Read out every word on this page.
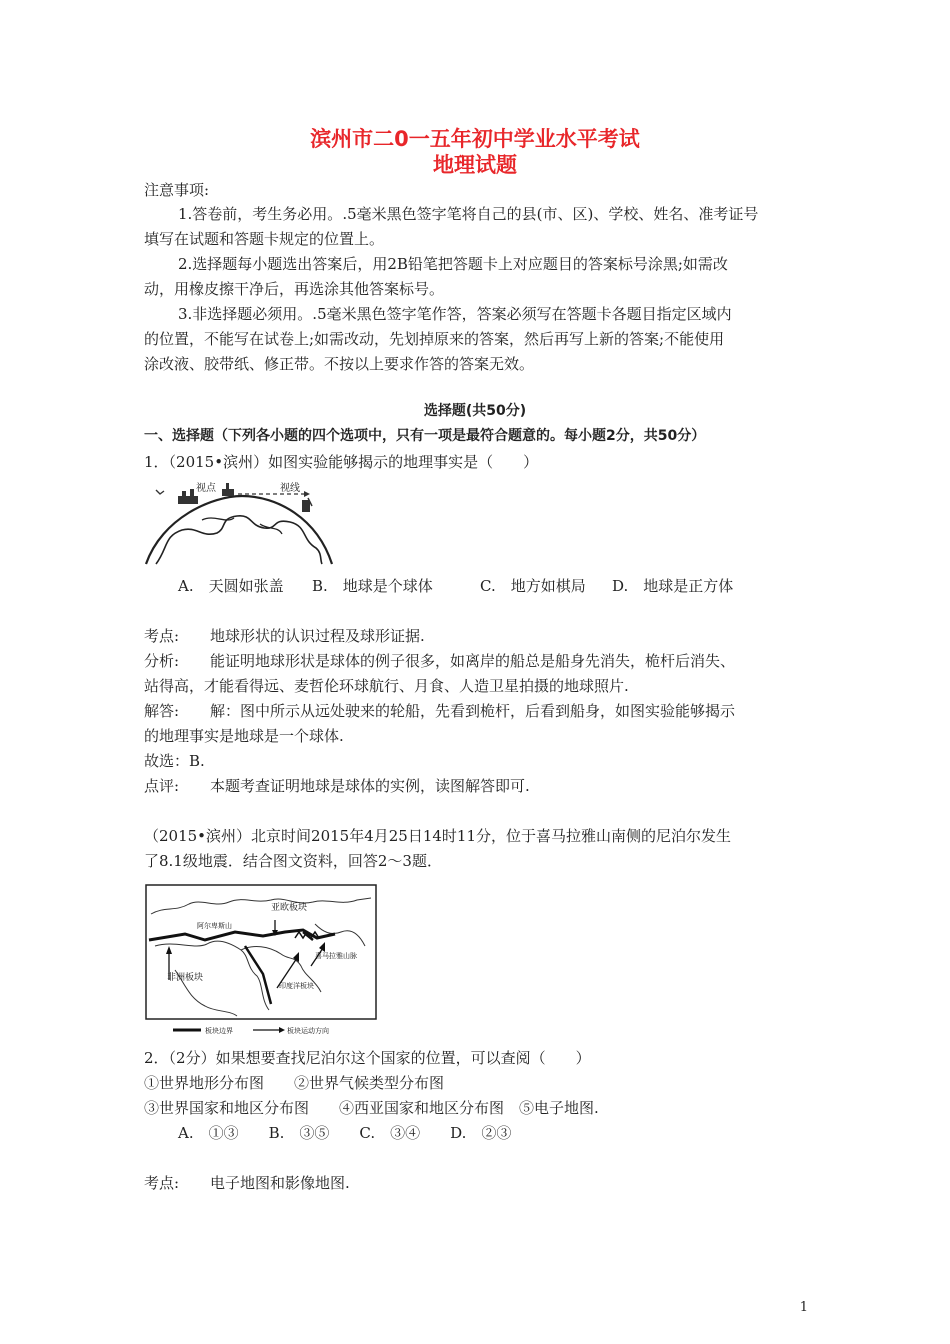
滨州市二0一五年初中学业水平考试
地理试题
注意事项:
1.答卷前，考生务必用。.5毫米黑色签字笔将自己的县(市、区)、学校、姓名、准考证号
填写在试题和答题卡规定的位置上。
2.选择题每小题选出答案后，用2B铅笔把答题卡上对应题目的答案标号涂黑;如需改
动，用橡皮擦干净后，再选涂其他答案标号。
3.非选择题必须用。.5毫米黑色签字笔作答，答案必须写在答题卡各题目指定区域内
的位置，不能写在试卷上;如需改动，先划掉原来的答案，然后再写上新的答案;不能使用
涂改液、胶带纸、修正带。不按以上要求作答的答案无效。
选择题(共50分)
一、选择题（下列各小题的四个选项中，只有一项是最符合题意的。每小题2分，共50分）
1．（2015•滨州）如图实验能够揭示的地理事实是（　　）
视点	视线
A.　天圆如张盖 B.　地球是个球体	C.　地方如棋局 D.　地球是正方体
考点: 地球形状的认识过程及球形证据.
分析: 能证明地球形状是球体的例子很多，如离岸的船总是船身先消失，桅杆后消失、
站得高，才能看得远、麦哲伦环球航行、月食、人造卫星拍摄的地球照片.
解答: 解：图中所示从远处驶来的轮船，先看到桅杆，后看到船身，如图实验能够揭示
的地理事实是地球是一个球体.
故选：B.
点评: 本题考查证明地球是球体的实例，读图解答即可.
（2015•滨州）北京时间2015年4月25日14时11分，位于喜马拉雅山南侧的尼泊尔发生
了8.1级地震．结合图文资料，回答2～3题．
亚欧板块
非洲板块
印度洋板块
喜马拉雅山脉
阿尔卑斯山
板块边界	板块运动方向
2．（2分）如果想要查找尼泊尔这个国家的位置，可以查阅（　　）
①世界地形分布图　　②世界气候类型分布图
③世界国家和地区分布图　　④西亚国家和地区分布图　⑤电子地图.
A.　①③　　B.　③⑤　　C.　③④　　D.　②③
考点: 电子地图和影像地图.
1
